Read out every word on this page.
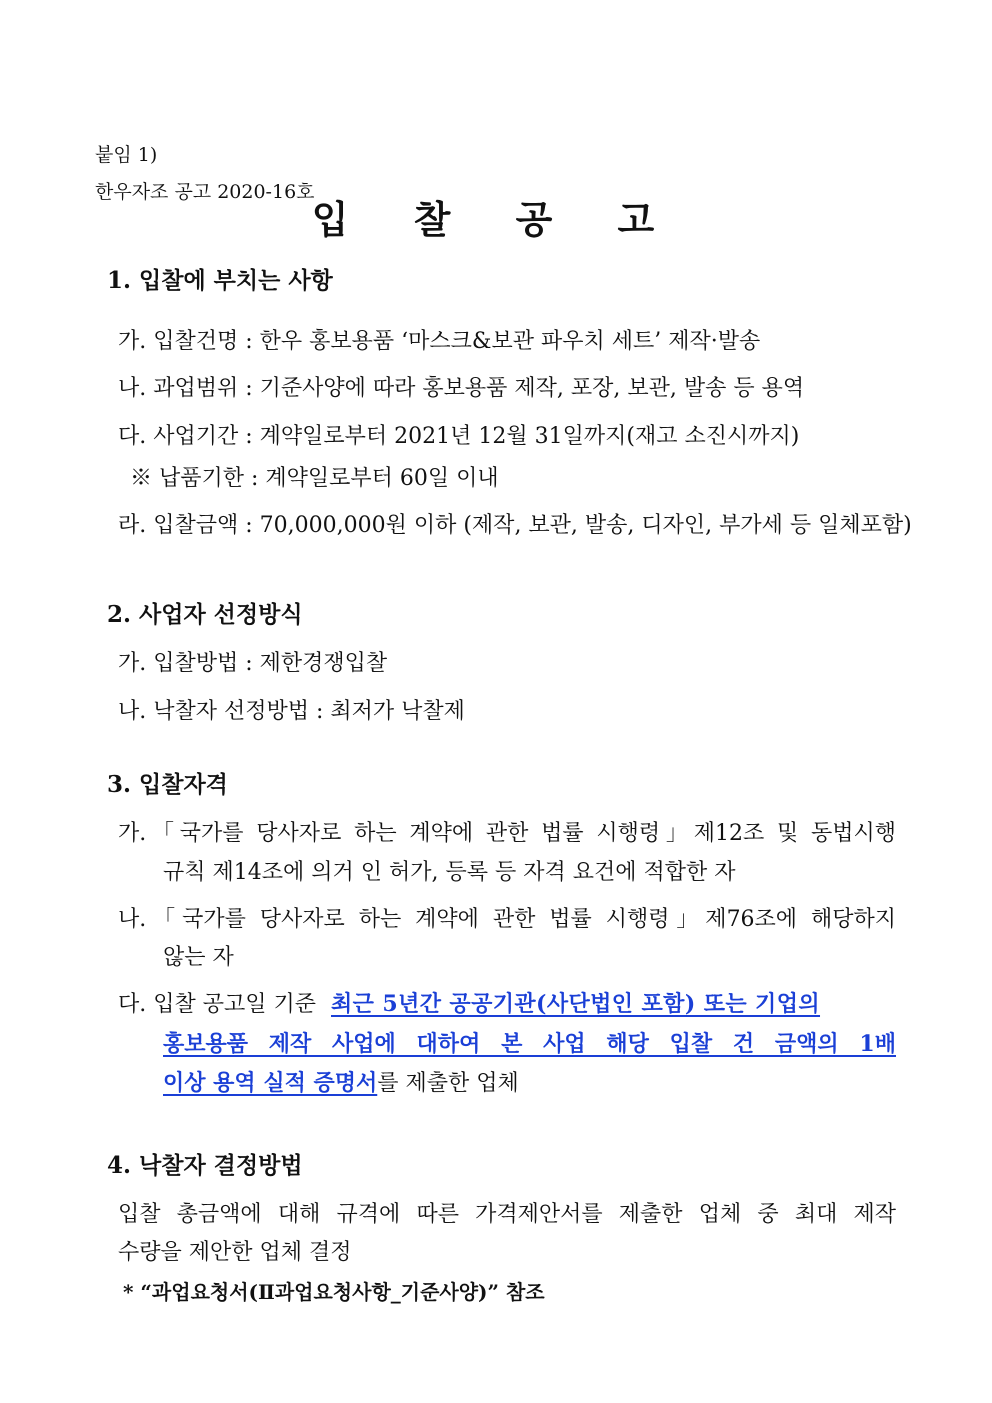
붙임 1)
한우자조 공고 2020-16호
입 찰 공 고
1. 입찰에 부치는 사항
가. 입찰건명 : 한우 홍보용품 ‘마스크&보관 파우치 세트’ 제작·발송
나. 과업범위 : 기준사양에 따라 홍보용품 제작, 포장, 보관, 발송 등 용역
다. 사업기간 : 계약일로부터 2021년 12월 31일까지(재고 소진시까지)
※ 납품기한 : 계약일로부터 60일 이내
라. 입찰금액 : 70,000,000원 이하 (제작, 보관, 발송, 디자인, 부가세 등 일체포함)
2. 사업자 선정방식
가. 입찰방법 : 제한경쟁입찰
나. 낙찰자 선정방법 : 최저가 낙찰제
3. 입찰자격
가.「국가를 당사자로 하는 계약에 관한 법률 시행령」제12조 및 동법시행
규칙 제14조에 의거 인 허가, 등록 등 자격 요건에 적합한 자
나.「국가를 당사자로 하는 계약에 관한 법률 시행령」제76조에 해당하지
않는 자
다. 입찰 공고일 기준 최근 5년간 공공기관(사단법인 포함) 또는 기업의
홍보용품 제작 사업에 대하여 본 사업 해당 입찰 건 금액의 1배
이상 용역 실적 증명서를 제출한 업체
4. 낙찰자 결정방법
입찰 총금액에 대해 규격에 따른 가격제안서를 제출한 업체 중 최대 제작
수량을 제안한 업체 결정
* “과업요청서(Ⅱ과업요청사항_기준사양)” 참조
